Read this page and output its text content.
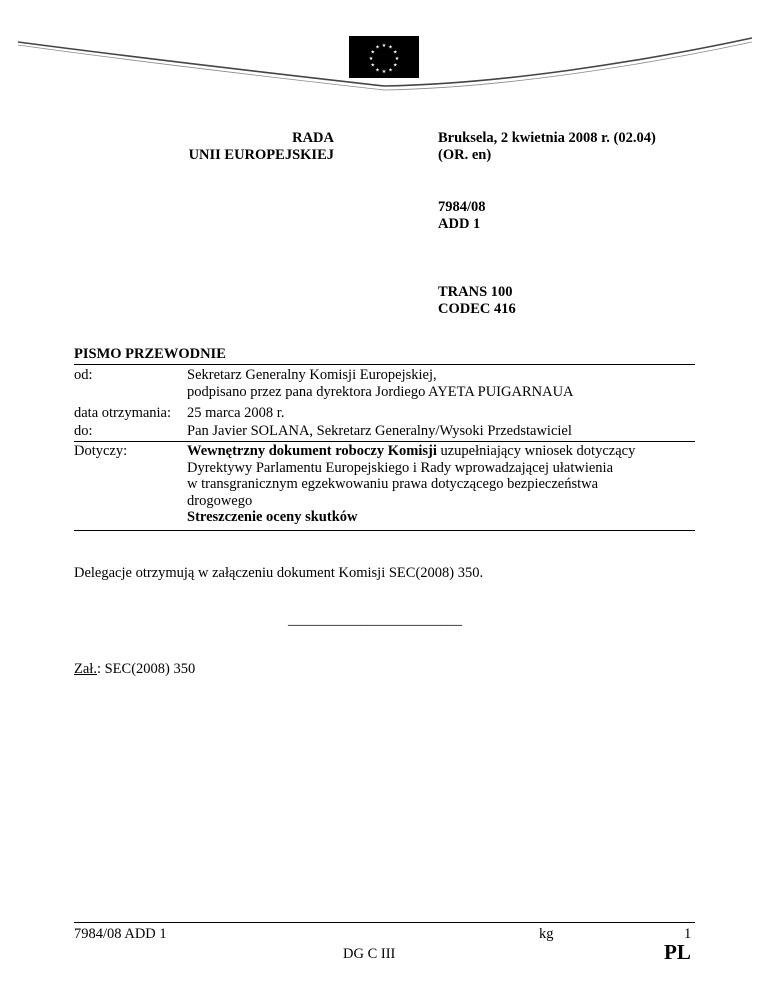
★ ★
★
★
★
★
★
★
★
★
★
★
RADA
UNII EUROPEJSKIEJ
Bruksela, 2 kwietnia 2008 r. (02.04)
(OR. en)
7984/08
ADD 1
TRANS 100
CODEC 416
PISMO PRZEWODNIE
od:	Sekretarz Generalny Komisji Europejskiej,
podpisano przez pana dyrektora Jordiego AYETA PUIGARNAUA
data otrzymania: 25 marca 2008 r.
do:	Pan Javier SOLANA, Sekretarz Generalny/Wysoki Przedstawiciel
Dotyczy:	Wewnętrzny dokument roboczy Komisji uzupełniający wniosek dotyczący
Dyrektywy Parlamentu Europejskiego i Rady wprowadzającej ułatwienia
w transgranicznym egzekwowaniu prawa dotyczącego bezpieczeństwa
drogowego
Streszczenie oceny skutków
Delegacje otrzymują w załączeniu dokument Komisji SEC(2008) 350.
________________________
Zał.: SEC(2008) 350
7984/08 ADD 1	kg	1
DG C III	PL
